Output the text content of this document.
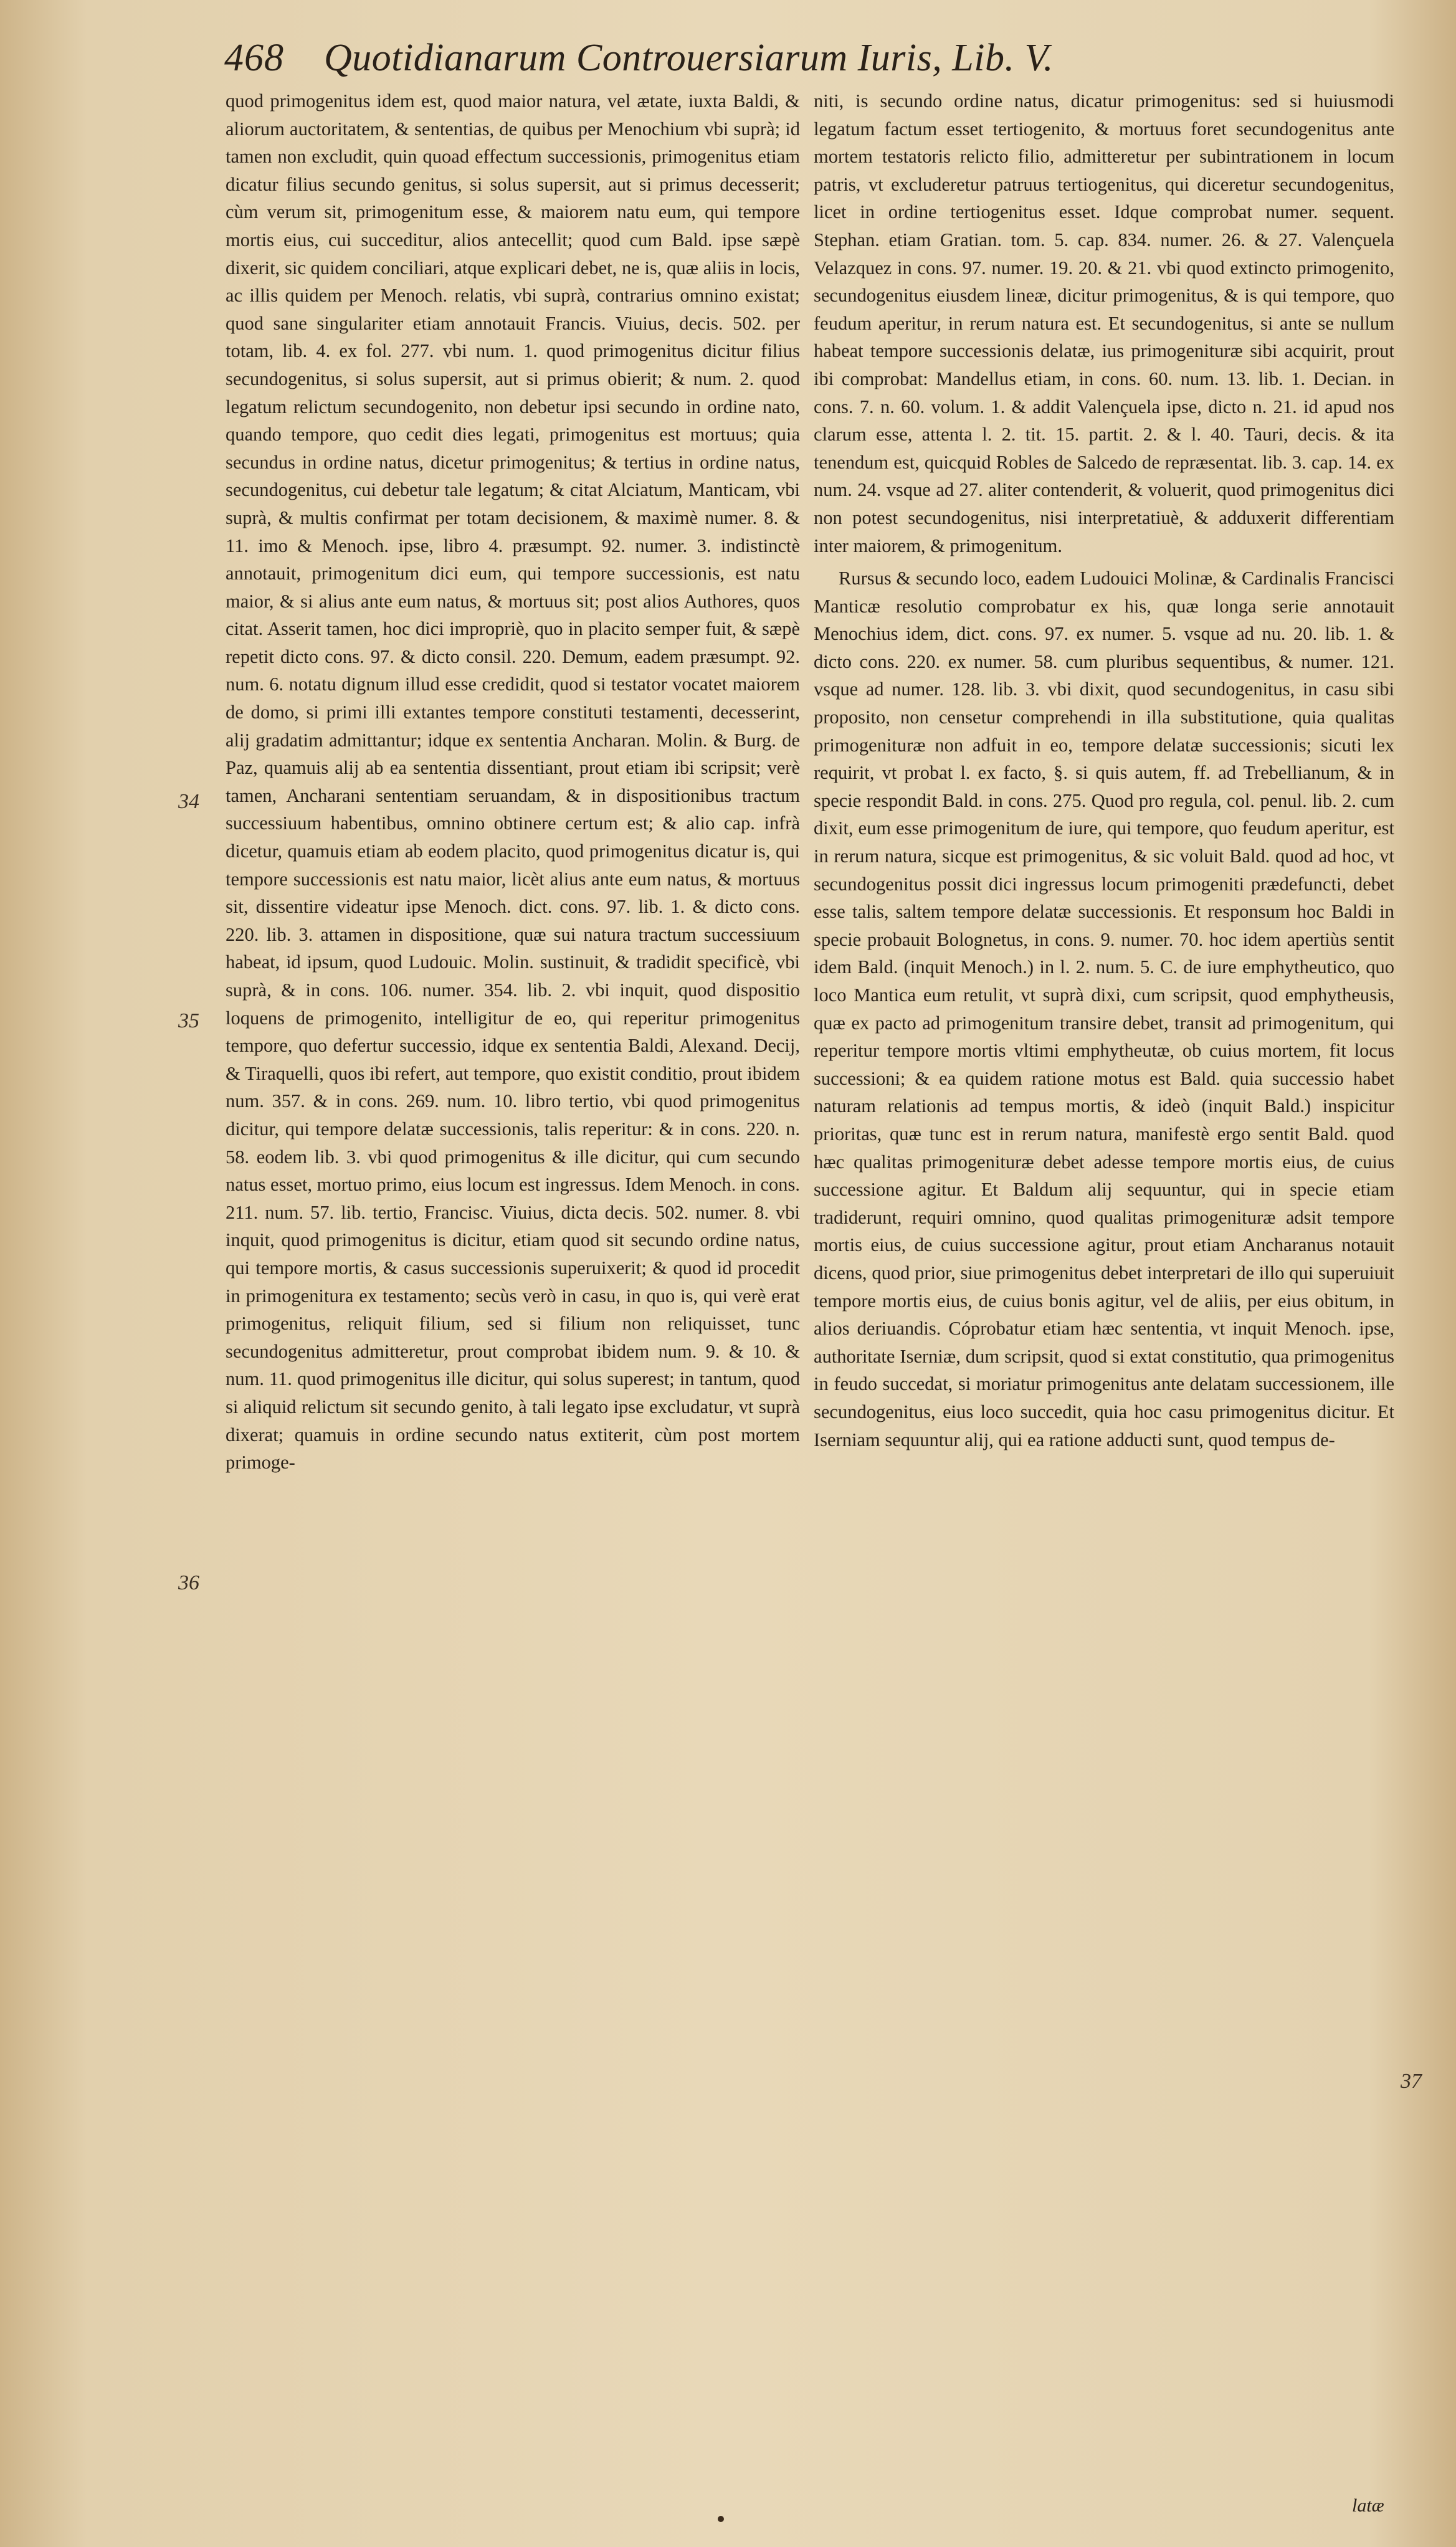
468 Quotidianarum Controuersiarum Iuris, Lib. V.

quod primogenitus idem est, quod maior natura, vel ætate, iuxta Baldi, & aliorum auctoritatem, & sententias, de quibus per Menochium vbi suprà; id tamen non excludit, quin quoad effectum successionis, primogenitus etiam dicatur filius secundo genitus, si solus supersit, aut si primus decesserit; cùm verum sit, primogenitum esse, & maiorem natu eum, qui tempore mortis eius, cui succeditur, alios antecellit; quod cum Bald. ipse sæpè dixerit, sic quidem conciliari, atque explicari debet, ne is, quæ aliis in locis, ac illis quidem per Menoch. relatis, vbi suprà, contrarius omnino existat; quod sane singulariter etiam annotauit Francis. Viuius, decis. 502. per totam, lib. 4. ex fol. 277. vbi num. 1. quod primogenitus dicitur filius secundogenitus, si solus supersit, aut si primus obierit; & num. 2. quod legatum relictum secundogenito, non debetur ipsi secundo in ordine nato, quando tempore, quo cedit dies legati, primogenitus est mortuus; quia secundus in ordine natus, dicetur primogenitus; & tertius in ordine natus, secundogenitus, cui debetur tale legatum; & citat Alciatum, Manticam, vbi suprà, & multis confirmat per totam decisionem, & maximè numer. 8. & 11. imo & Menoch. ipse, libro 4. præsumpt. 92. numer. 3. indistinctè annotauit, primogenitum dici eum, qui tempore successionis, est natu maior, & si alius ante eum natus, & mortuus sit; post alios Authores, quos citat. Asserit tamen, hoc dici impropriè, quo in placito semper fuit, & sæpè repetit dicto cons. 97. & dicto consil. 220. Demum, eadem præsumpt. 92. num. 6. notatu dignum illud esse credidit, quod si testator vocatet maiorem de domo, si primi illi extantes tempore constituti testamenti, decesserint, alij gradatim admittantur; idque ex sententia Ancharan. Molin. & Burg. de Paz, quamuis alij ab ea sententia dissentiant, prout etiam ibi scripsit; verè tamen, Ancharani sententiam seruandam, & in dispositionibus tractum successiuum habentibus, omnino obtinere certum est; & alio cap. infrà dicetur, quamuis etiam ab eodem placito, quod primogenitus dicatur is, qui tempore successionis est natu maior, licèt alius ante eum natus, & mortuus sit, dissentire videatur ipse Menoch. dict. cons. 97. lib. 1. & dicto cons. 220. lib. 3. attamen in dispositione, quæ sui natura tractum successiuum habeat, id ipsum, quod Ludouic. Molin. sustinuit, & tradidit specificè, vbi suprà, & in cons. 106. numer. 354. lib. 2. vbi inquit, quod dispositio loquens de primogenito, intelligitur de eo, qui reperitur primogenitus tempore, quo defertur successio, idque ex sententia Baldi, Alexand. Decij, & Tiraquelli, quos ibi refert, aut tempore, quo existit conditio, prout ibidem num. 357. & in cons. 269. num. 10. libro tertio, vbi quod primogenitus dicitur, qui tempore delatæ successionis, talis reperitur: & in cons. 220. n. 58. eodem lib. 3. vbi quod primogenitus & ille dicitur, qui cum secundo natus esset, mortuo primo, eius locum est ingressus. Idem Menoch. in cons. 211. num. 57. lib. tertio, Francisc. Viuius, dicta decis. 502. numer. 8. vbi inquit, quod primogenitus is dicitur, etiam quod sit secundo ordine natus, qui tempore mortis, & casus successionis superuixerit; & quod id procedit in primogenitura ex testamento; secùs verò in casu, in quo is, qui verè erat primogenitus, reliquit filium, sed si filium non reliquisset, tunc secundogenitus admitteretur, prout comprobat ibidem num. 9. & 10. & num. 11. quod primogenitus ille dicitur, qui solus superest; in tantum, quod si aliquid relictum sit secundo genito, à tali legato ipse excludatur, vt suprà dixerat; quamuis in ordine secundo natus extiterit, cùm post mortem primoge-

niti, is secundo ordine natus, dicatur primogenitus: sed si huiusmodi legatum factum esset tertiogenito, & mortuus foret secundogenitus ante mortem testatoris relicto filio, admitteretur per subintrationem in locum patris, vt excluderetur patruus tertiogenitus, qui diceretur secundogenitus, licet in ordine tertiogenitus esset. Idque comprobat numer. sequent. Stephan. etiam Gratian. tom. 5. cap. 834. numer. 26. & 27. Valençuela Velazquez in cons. 97. numer. 19. 20. & 21. vbi quod extincto primogenito, secundogenitus eiusdem lineæ, dicitur primogenitus, & is qui tempore, quo feudum aperitur, in rerum natura est. Et secundogenitus, si ante se nullum habeat tempore successionis delatæ, ius primogenituræ sibi acquirit, prout ibi comprobat: Mandellus etiam, in cons. 60. num. 13. lib. 1. Decian. in cons. 7. n. 60. volum. 1. & addit Valençuela ipse, dicto n. 21. id apud nos clarum esse, attenta l. 2. tit. 15. partit. 2. & l. 40. Tauri, decis. & ita tenendum est, quicquid Robles de Salcedo de repræsentat. lib. 3. cap. 14. ex num. 24. vsque ad 27. aliter contenderit, & voluerit, quod primogenitus dici non potest secundogenitus, nisi interpretatiuè, & adduxerit differentiam inter maiorem, & primogenitum.

Rursus & secundo loco, eadem Ludouici Molinæ, & Cardinalis Francisci Manticæ resolutio comprobatur ex his, quæ longa serie annotauit Menochius idem, dict. cons. 97. ex numer. 5. vsque ad nu. 20. lib. 1. & dicto cons. 220. ex numer. 58. cum pluribus sequentibus, & numer. 121. vsque ad numer. 128. lib. 3. vbi dixit, quod secundogenitus, in casu sibi proposito, non censetur comprehendi in illa substitutione, quia qualitas primogenituræ non adfuit in eo, tempore delatæ successionis; sicuti lex requirit, vt probat l. ex facto, §. si quis autem, ff. ad Trebellianum, & in specie respondit Bald. in cons. 275. Quod pro regula, col. penul. lib. 2. cum dixit, eum esse primogenitum de iure, qui tempore, quo feudum aperitur, est in rerum natura, sicque est primogenitus, & sic voluit Bald. quod ad hoc, vt secundogenitus possit dici ingressus locum primogeniti prædefuncti, debet esse talis, saltem tempore delatæ successionis. Et responsum hoc Baldi in specie probauit Bolognetus, in cons. 9. numer. 70. hoc idem apertiùs sentit idem Bald. (inquit Menoch.) in l. 2. num. 5. C. de iure emphytheutico, quo loco Mantica eum retulit, vt suprà dixi, cum scripsit, quod emphytheusis, quæ ex pacto ad primogenitum transire debet, transit ad primogenitum, qui reperitur tempore mortis vltimi emphytheutæ, ob cuius mortem, fit locus successioni; & ea quidem ratione motus est Bald. quia successio habet naturam relationis ad tempus mortis, & ideò (inquit Bald.) inspicitur prioritas, quæ tunc est in rerum natura, manifestè ergo sentit Bald. quod hæc qualitas primogenituræ debet adesse tempore mortis eius, de cuius successione agitur. Et Baldum alij sequuntur, qui in specie etiam tradiderunt, requiri omnino, quod qualitas primogenituræ adsit tempore mortis eius, de cuius successione agitur, prout etiam Ancharanus notauit dicens, quod prior, siue primogenitus debet interpretari de illo qui superuiuit tempore mortis eius, de cuius bonis agitur, vel de aliis, per eius obitum, in alios deriuandis. Cóprobatur etiam hæc sententia, vt inquit Menoch. ipse, authoritate Iserniæ, dum scripsit, quod si extat constitutio, qua primogenitus in feudo succedat, si moriatur primogenitus ante delatam successionem, ille secundogenitus, eius loco succedit, quia hoc casu primogenitus dicitur. Et Iserniam sequuntur alij, qui ea ratione adducti sunt, quod tempus de-

34
35
36
37
latæ
